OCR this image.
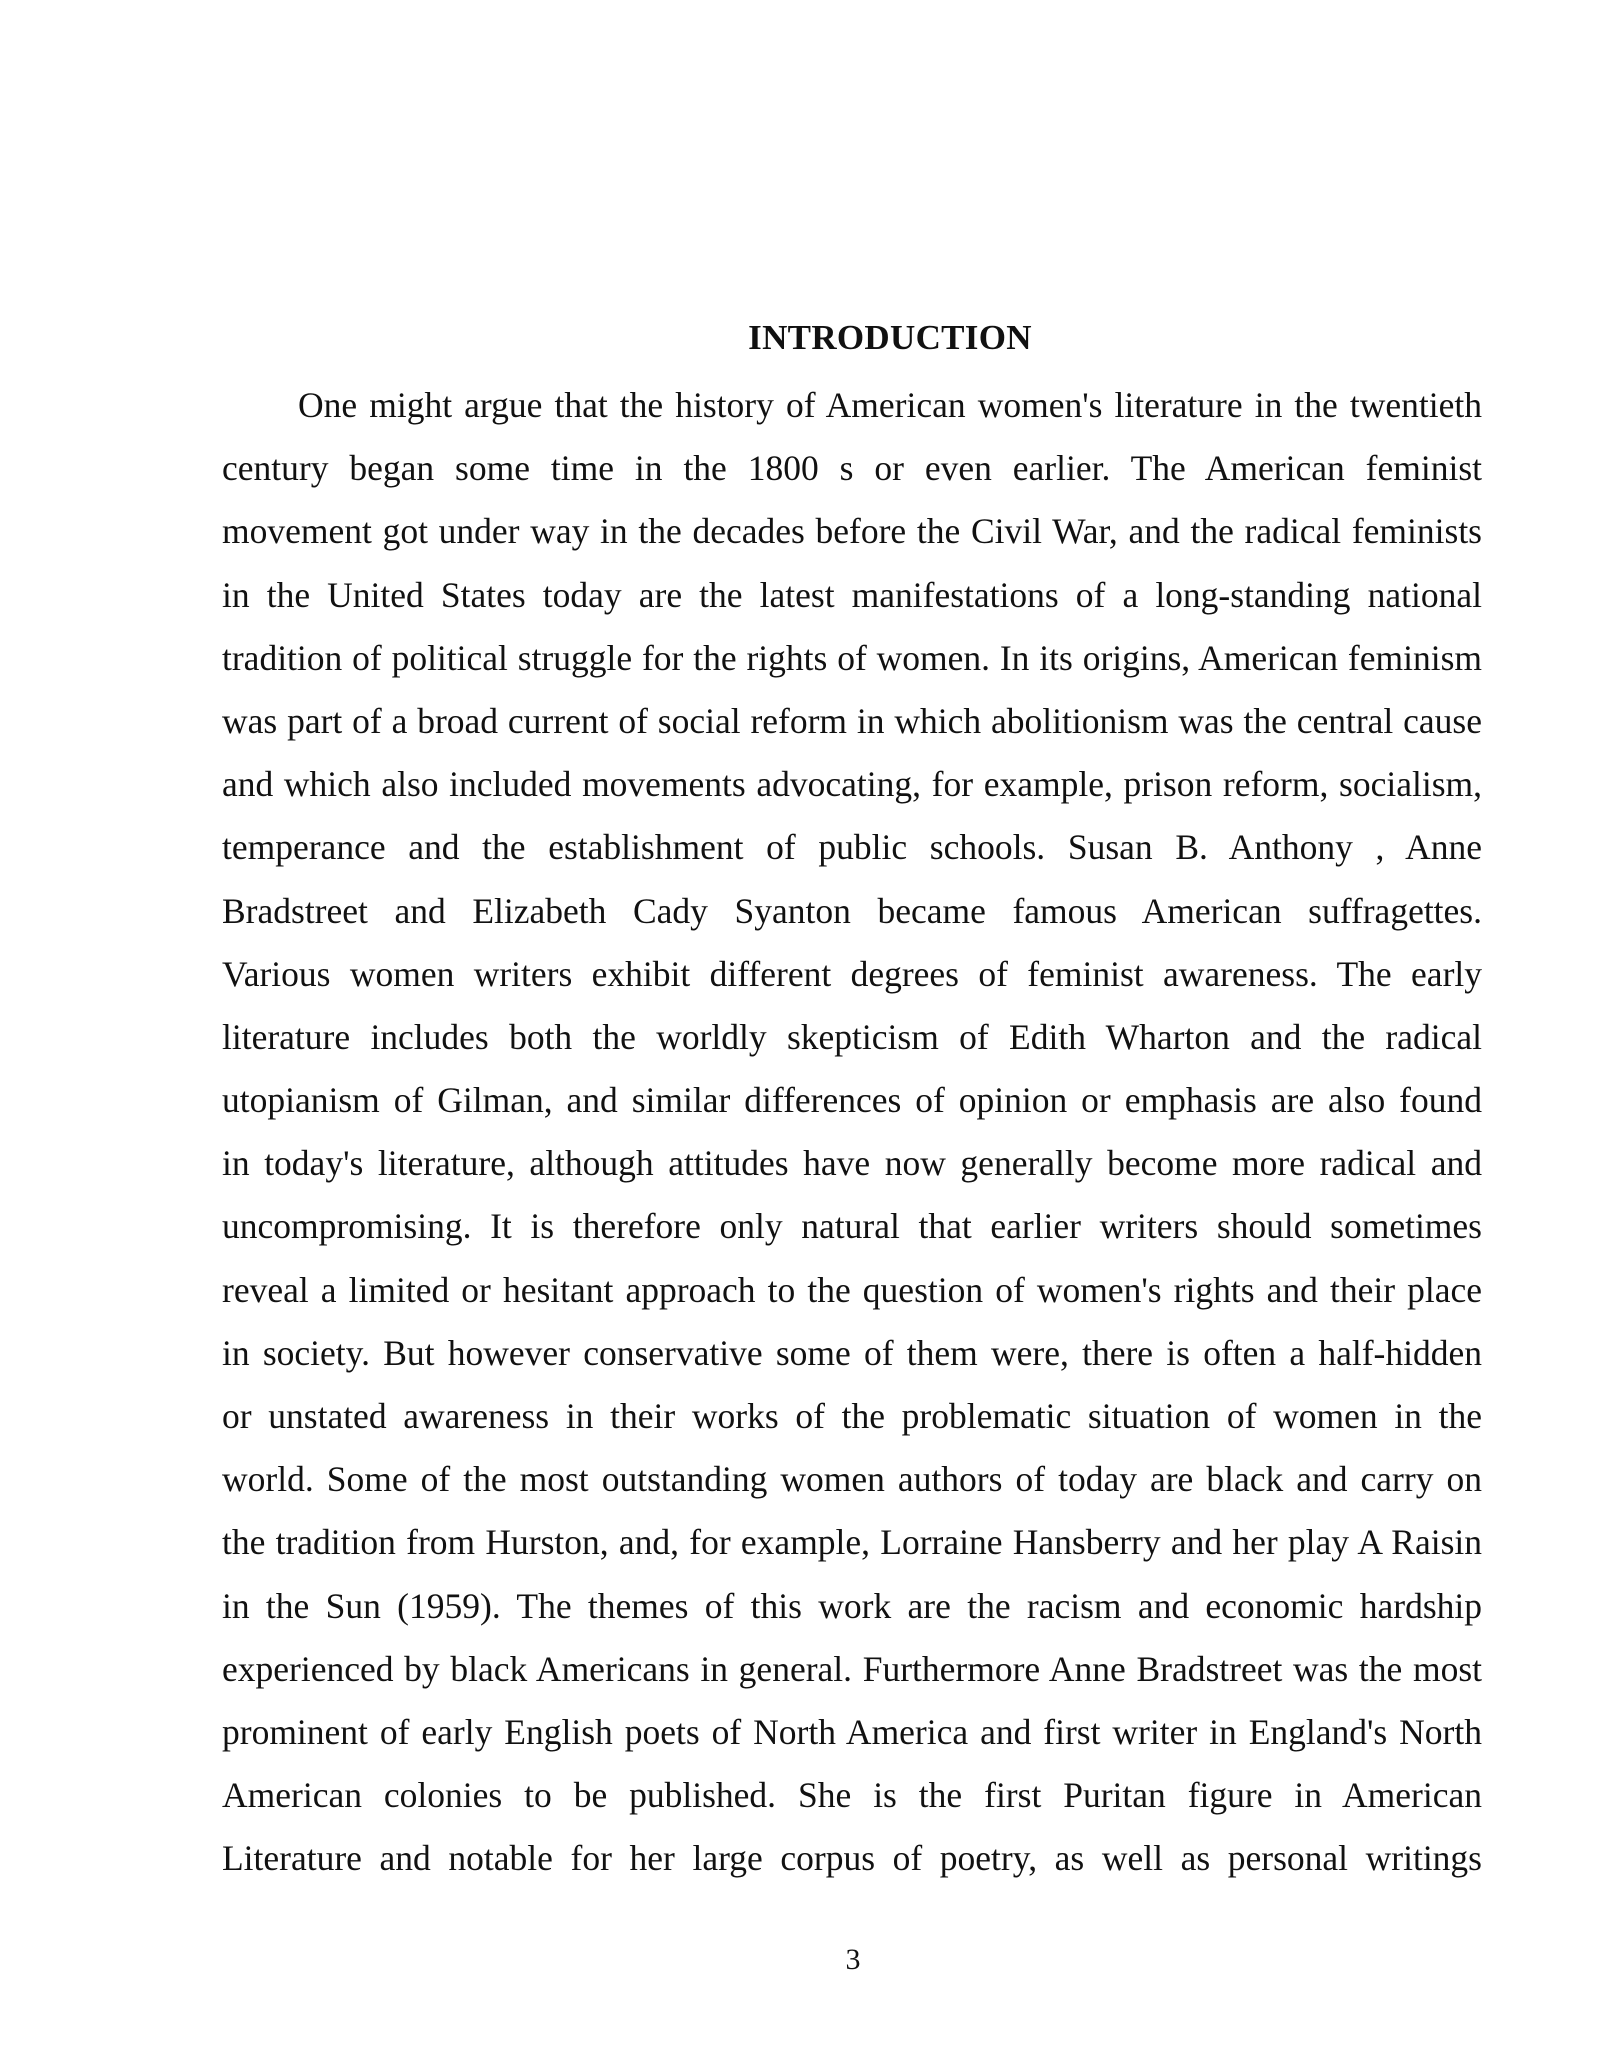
INTRODUCTION
One might argue that the history of American women's literature in the twentieth
century began some time in the 1800 s or even earlier. The American feminist
movement got under way in the decades before the Civil War, and the radical feminists
in the United States today are the latest manifestations of a long-standing national
tradition of political struggle for the rights of women. In its origins, American feminism
was part of a broad current of social reform in which abolitionism was the central cause
and which also included movements advocating, for example, prison reform, socialism,
temperance and the establishment of public schools. Susan B. Anthony , Anne
Bradstreet and Elizabeth Cady Syanton became famous American suffragettes.
Various women writers exhibit different degrees of feminist awareness. The early
literature includes both the worldly skepticism of Edith Wharton and the radical
utopianism of Gilman, and similar differences of opinion or emphasis are also found
in today's literature, although attitudes have now generally become more radical and
uncompromising. It is therefore only natural that earlier writers should sometimes
reveal a limited or hesitant approach to the question of women's rights and their place
in society. But however conservative some of them were, there is often a half-hidden
or unstated awareness in their works of the problematic situation of women in the
world. Some of the most outstanding women authors of today are black and carry on
the tradition from Hurston, and, for example, Lorraine Hansberry and her play A Raisin
in the Sun (1959). The themes of this work are the racism and economic hardship
experienced by black Americans in general. Furthermore Anne Bradstreet was the most
prominent of early English poets of North America and first writer in England's North
American colonies to be published. She is the first Puritan figure in American
Literature and notable for her large corpus of poetry, as well as personal writings
3
